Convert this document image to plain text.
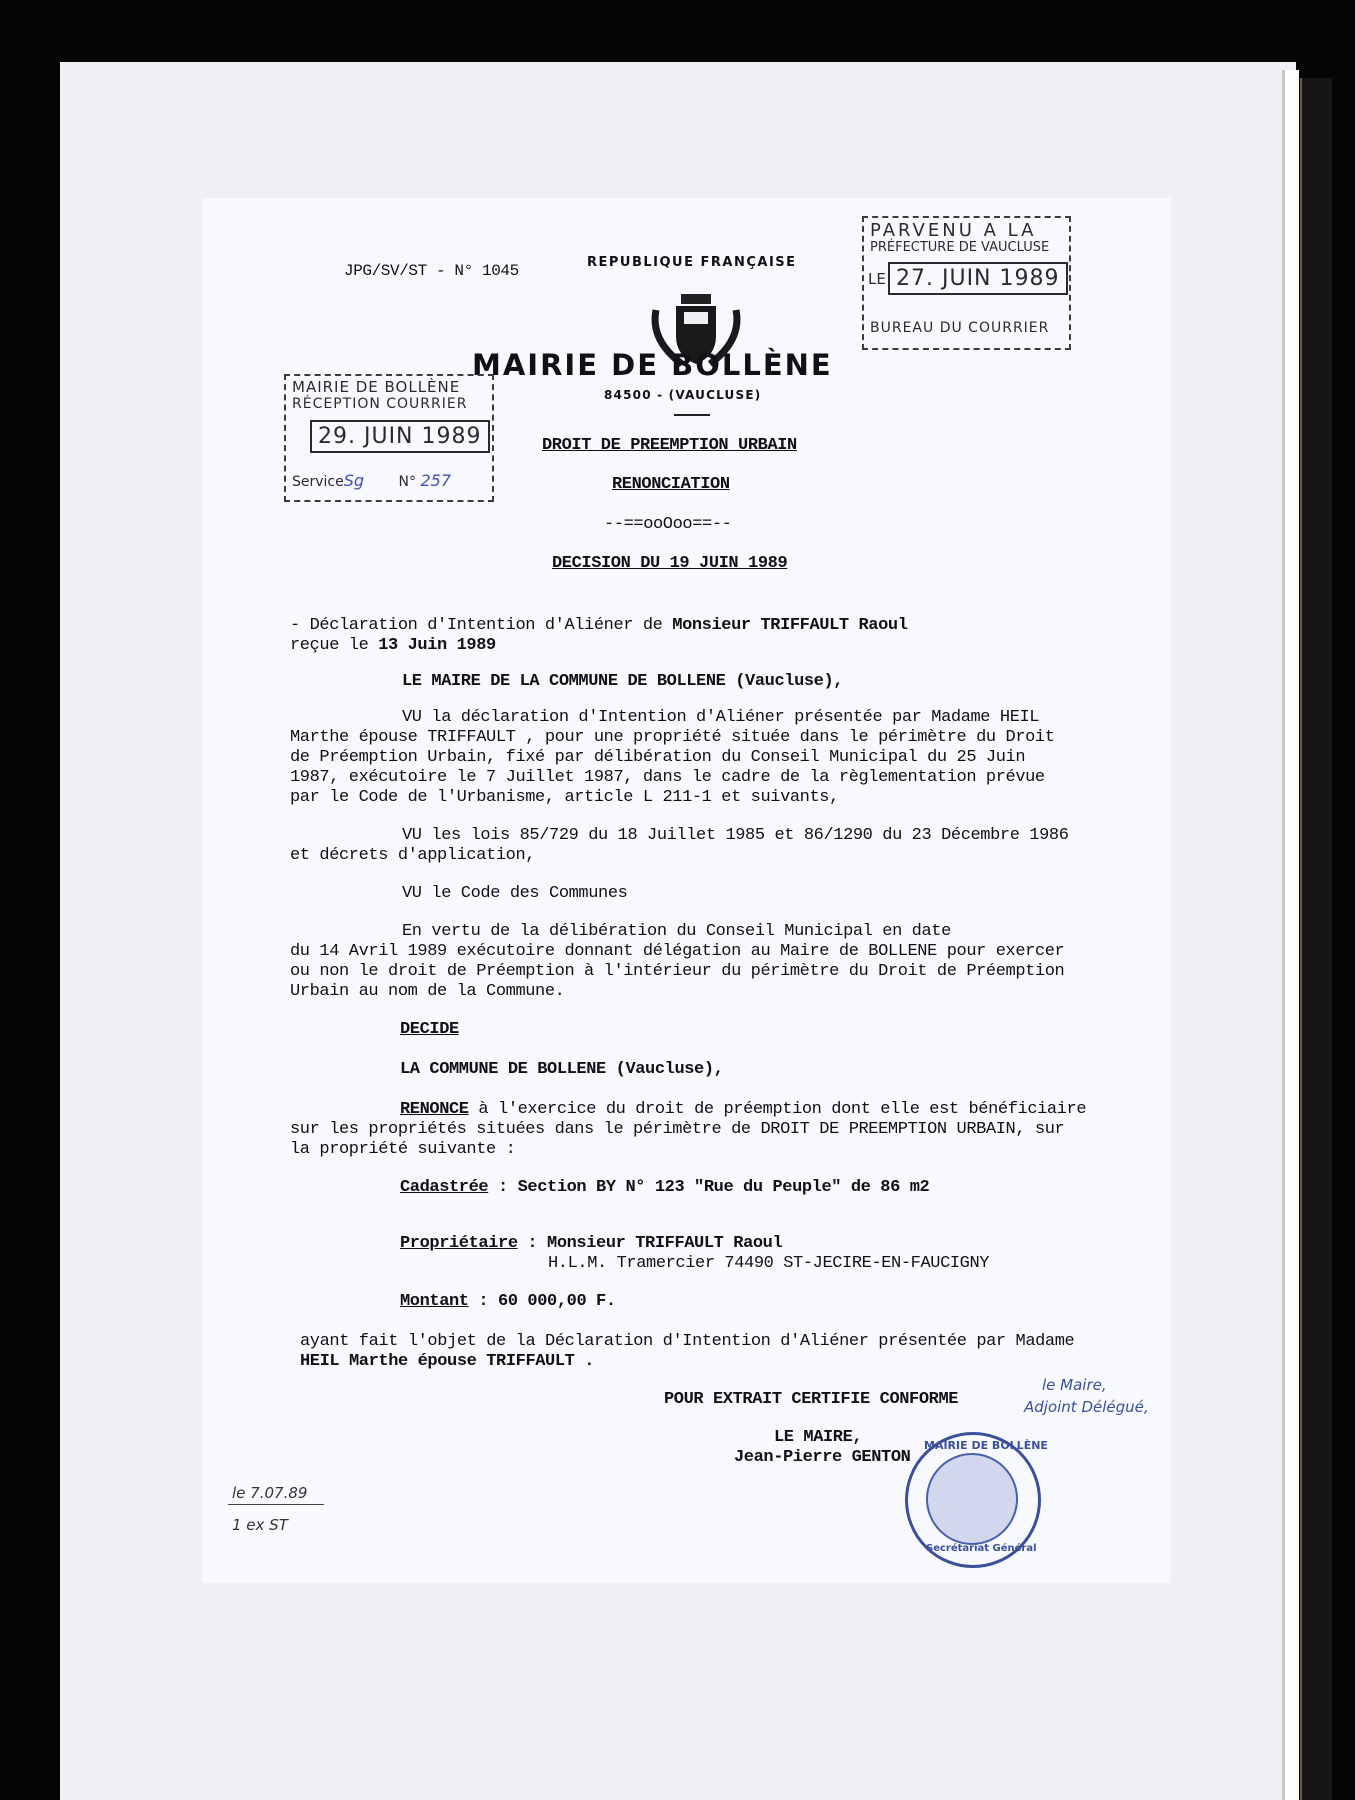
JPG/SV/ST - N° 1045	REPUBLIQUE FRANÇAISE
MAIRIE DE BOLLÈNE
84500 - (VAUCLUSE)
PARVENU A LA
PRÉFECTURE DE VAUCLUSE
LE 27. JUIN 1989
BUREAU DU COURRIER
MAIRIE DE BOLLÈNE
RÉCEPTION COURRIER
29. JUIN 1989
ServiceSg N° 257
DROIT DE PREEMPTION URBAIN
RENONCIATION
--==ooOoo==--
DECISION DU 19 JUIN 1989
- Déclaration d'Intention d'Aliéner de Monsieur TRIFFAULT Raoul
reçue le 13 Juin 1989
LE MAIRE DE LA COMMUNE DE BOLLENE (Vaucluse),
VU la déclaration d'Intention d'Aliéner présentée par Madame HEIL
Marthe épouse TRIFFAULT , pour une propriété située dans le périmètre du Droit
de Préemption Urbain, fixé par délibération du Conseil Municipal du 25 Juin
1987, exécutoire le 7 Juillet 1987, dans le cadre de la règlementation prévue
par le Code de l'Urbanisme, article L 211-1 et suivants,
VU les lois 85/729 du 18 Juillet 1985 et 86/1290 du 23 Décembre 1986
et décrets d'application,
VU le Code des Communes
En vertu de la délibération du Conseil Municipal en date
du 14 Avril 1989 exécutoire donnant délégation au Maire de BOLLENE pour exercer
ou non le droit de Préemption à l'intérieur du périmètre du Droit de Préemption
Urbain au nom de la Commune.
DECIDE
LA COMMUNE DE BOLLENE (Vaucluse),
RENONCE à l'exercice du droit de préemption dont elle est bénéficiaire
sur les propriétés situées dans le périmètre de DROIT DE PREEMPTION URBAIN, sur
la propriété suivante :
Cadastrée : Section BY N° 123 "Rue du Peuple" de 86 m2
Propriétaire : Monsieur TRIFFAULT Raoul
H.L.M. Tramercier 74490 ST-JECIRE-EN-FAUCIGNY
Montant : 60 000,00 F.
ayant fait l'objet de la Déclaration d'Intention d'Aliéner présentée par Madame
HEIL Marthe épouse TRIFFAULT .
POUR EXTRAIT CERTIFIE CONFORME
LE MAIRE,
Jean-Pierre GENTON
le Maire,
Adjoint Délégué,
le 7.07.89
1 ex ST
MAIRIE DE BOLLÈNE
Secrétariat Général
